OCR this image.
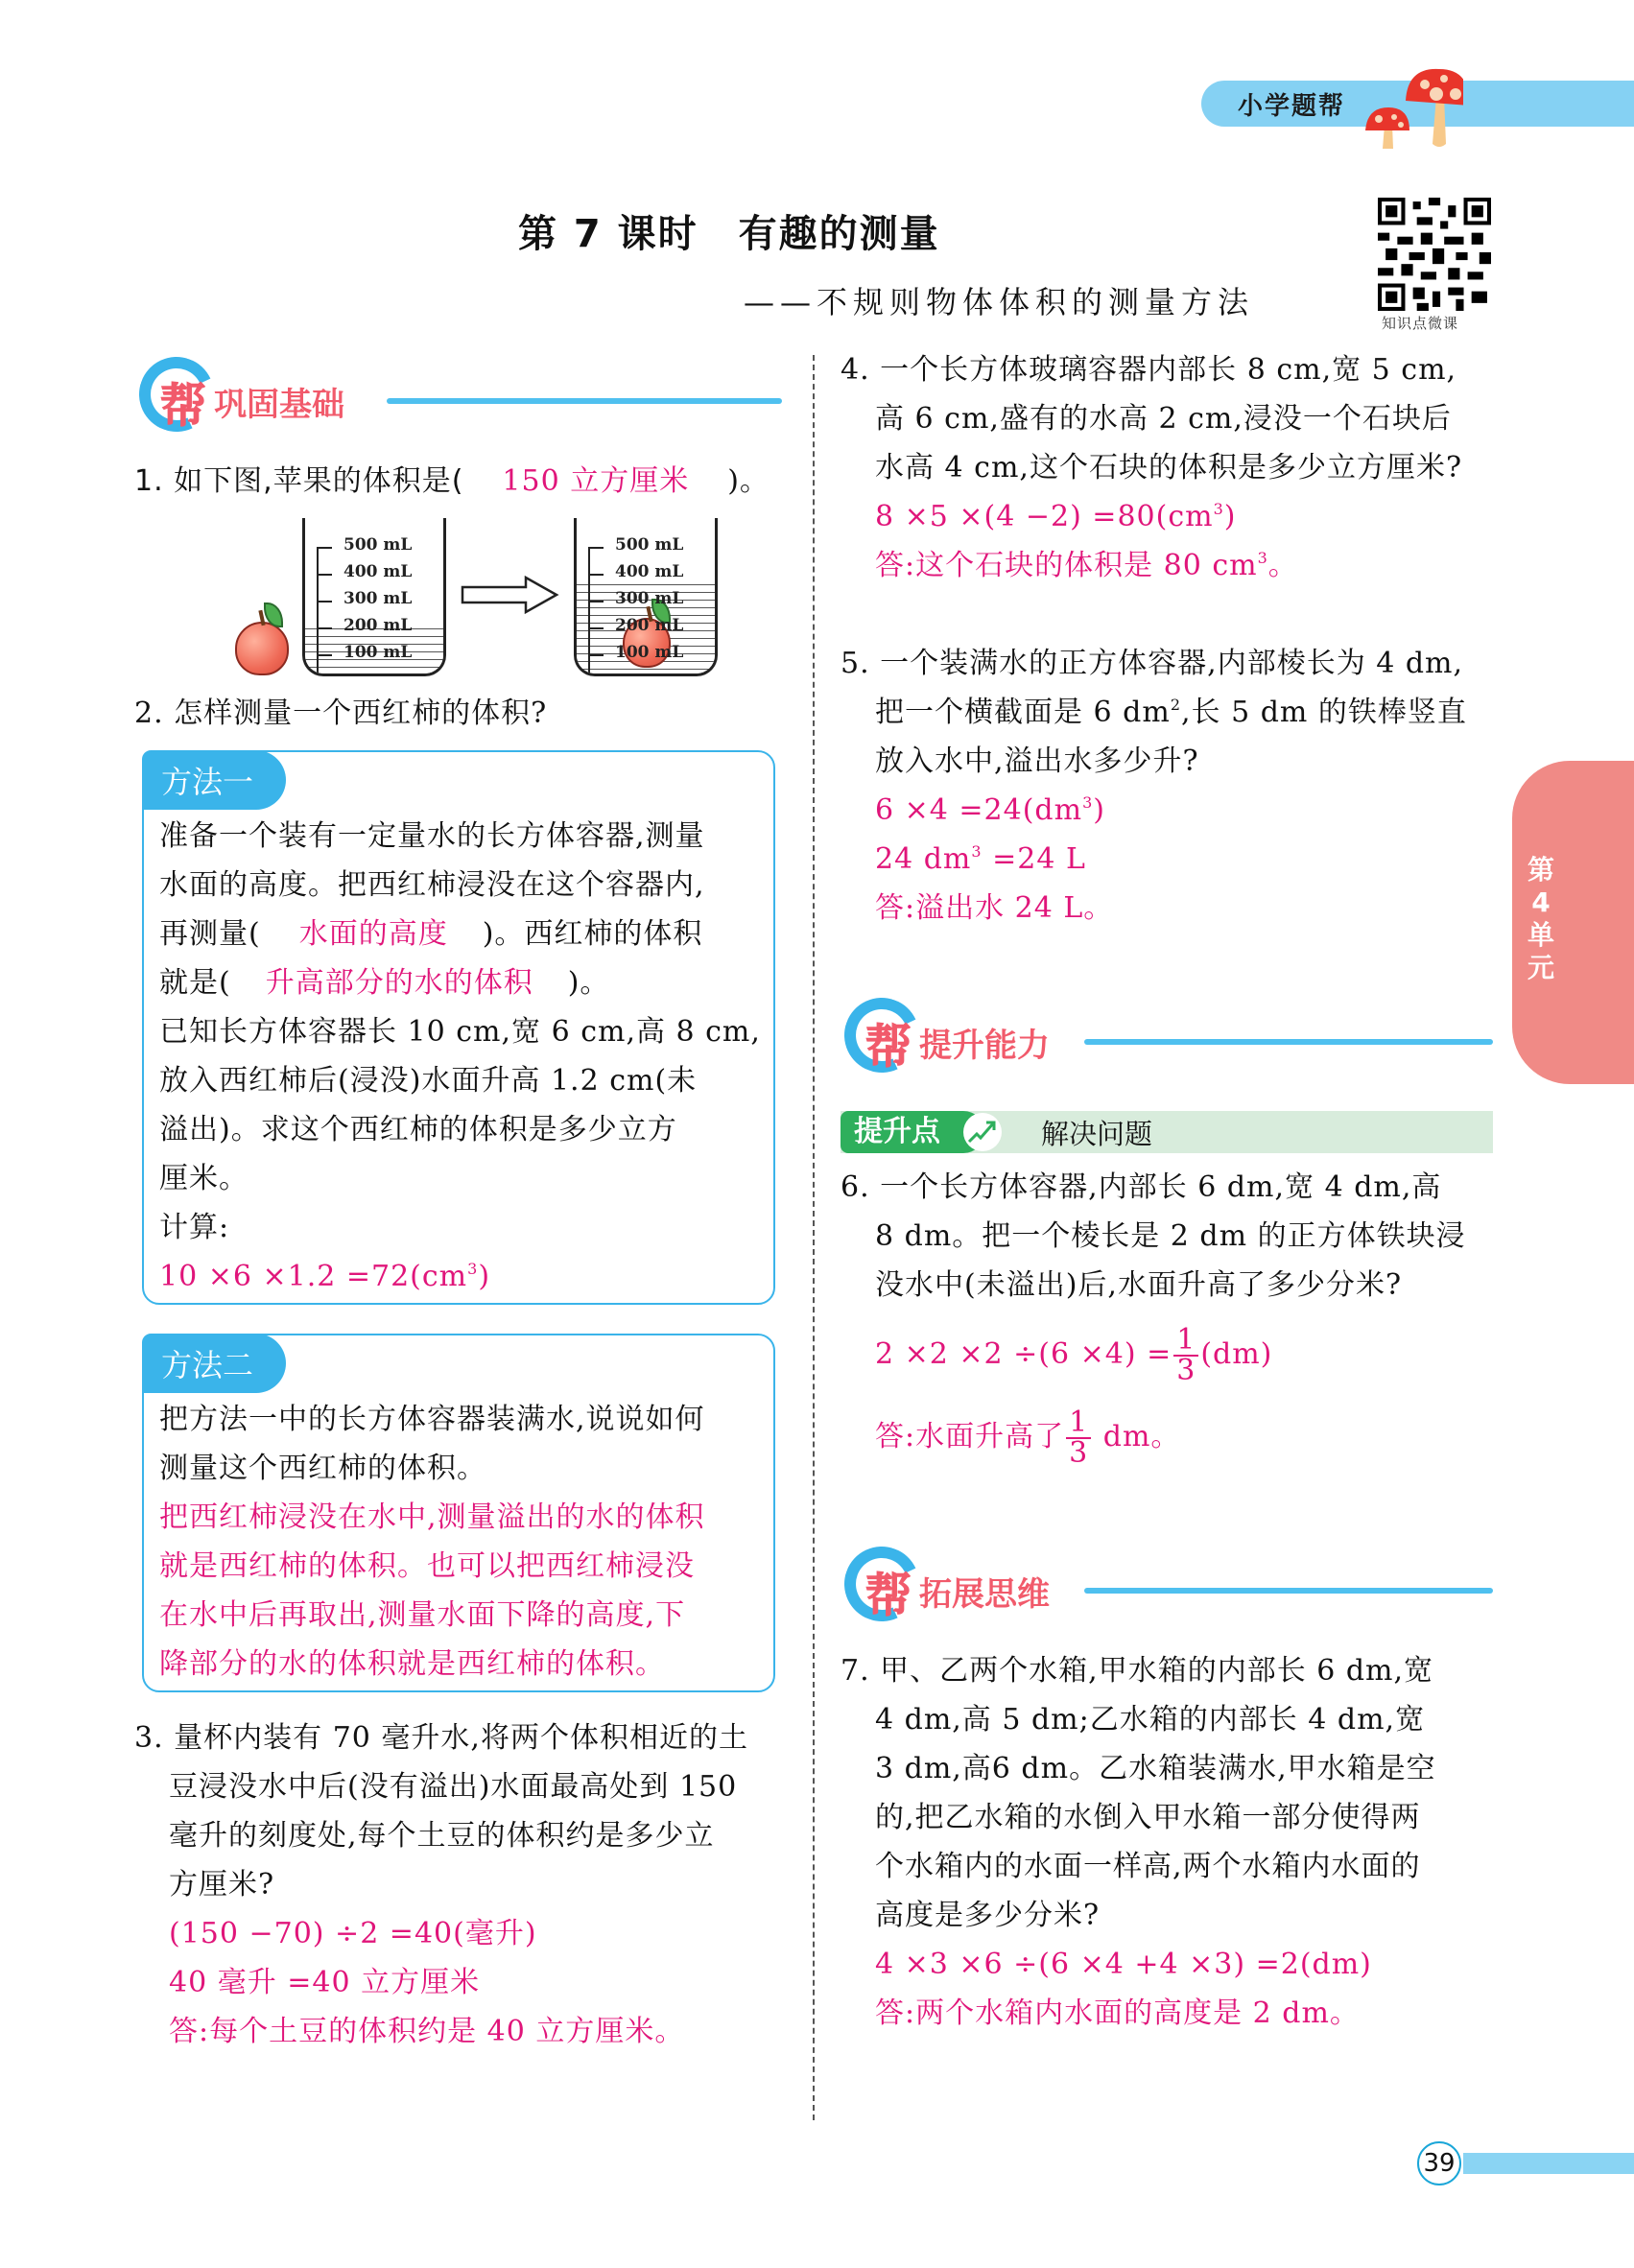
小学题帮
第 7 课时　有趣的测量
——不规则物体体积的测量方法
知识点微课
第
4
单
元
帮 巩固基础
1. 如下图,苹果的体积是( 150 立方厘米 )。
500 mL
400 mL
300 mL
200 mL
100 mL
500 mL
400 mL
300 mL
200 mL
100 mL
2. 怎样测量一个西红柿的体积?
方法一
准备一个装有一定量水的长方体容器,测量
水面的高度。把西红柿浸没在这个容器内,
再测量( 水面的高度 )。西红柿的体积
就是( 升高部分的水的体积 )。
已知长方体容器长 10 cm,宽 6 cm,高 8 cm,
放入西红柿后(浸没)水面升高 1.2 cm(未
溢出)。求这个西红柿的体积是多少立方
厘米。
计算:
$10 \times 6 \times 1.2 =72(cm^3)$
方法二
把方法一中的长方体容器装满水,说说如何
测量这个西红柿的体积。
把西红柿浸没在水中,测量溢出的水的体积
就是西红柿的体积。也可以把西红柿浸没
在水中后再取出,测量水面下降的高度,下
降部分的水的体积就是西红柿的体积。
3. 量杯内装有 70 毫升水,将两个体积相近的土
豆浸没水中后(没有溢出)水面最高处到 150
毫升的刻度处,每个土豆的体积约是多少立
方厘米?
(150 −70) ÷2 =40(毫升)
40 毫升 =40 立方厘米
答:每个土豆的体积约是 40 立方厘米。
4. 一个长方体玻璃容器内部长 8 cm,宽 5 cm,
高 6 cm,盛有的水高 2 cm,浸没一个石块后
水高 4 cm,这个石块的体积是多少立方厘米?
$8 \times 5 \times(4 -2) =80(cm^3)$
答:这个石块的体积是 80 $cm^3$。
5. 一个装满水的正方体容器,内部棱长为 4 dm,
把一个横截面是 6 $dm^2$,长 5 dm 的铁棒竖直
放入水中,溢出水多少升?
$6 \times 4 =24(dm^3)$
24 $dm^3 =24$ L
答:溢出水 24 L。
帮 提升能力
提升点	解决问题
6. 一个长方体容器,内部长 6 dm,宽 4 dm,高
8 dm。把一个棱长是 2 dm 的正方体铁块浸
没水中(未溢出)后,水面升高了多少分米?
$2 \times 2 \times 2 \div(6 \times 4) = \frac{1}{3} (dm)$
答:水面升高了 $\frac{1}{3}$ dm。
帮 拓展思维
7. 甲、乙两个水箱,甲水箱的内部长 6 dm,宽
4 dm,高 5 dm;乙水箱的内部长 4 dm,宽
3 dm,高6 dm。乙水箱装满水,甲水箱是空
的,把乙水箱的水倒入甲水箱一部分使得两
个水箱内的水面一样高,两个水箱内水面的
高度是多少分米?
4 ×3 ×6 ÷(6 ×4 +4 ×3) =2(dm)
答:两个水箱内水面的高度是 2 dm。
39
